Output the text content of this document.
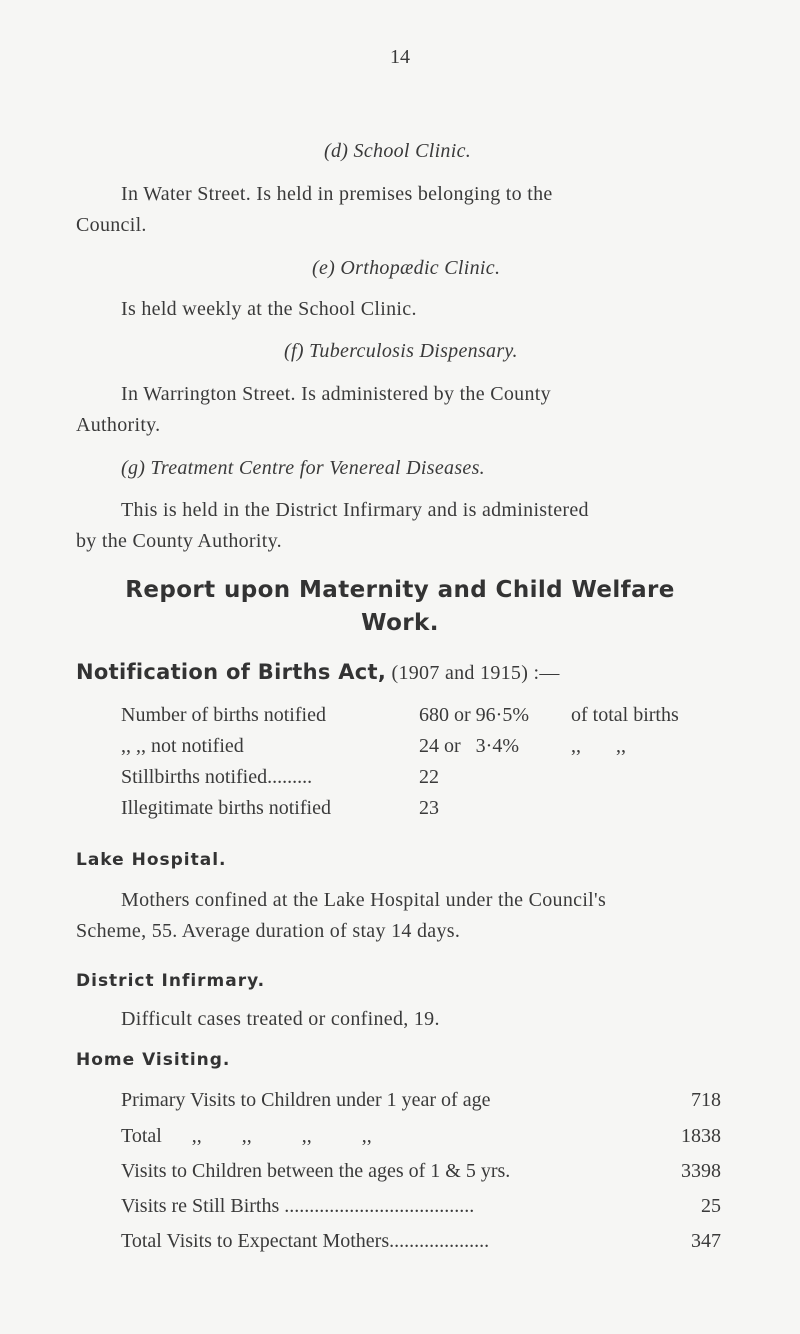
14
(d) School Clinic.
In Water Street. Is held in premises belonging to the
Council.
(e) Orthopædic Clinic.
Is held weekly at the School Clinic.
(f) Tuberculosis Dispensary.
In Warrington Street. Is administered by the County
Authority.
(g) Treatment Centre for Venereal Diseases.
This is held in the District Infirmary and is administered
by the County Authority.
Report upon Maternity and Child Welfare
Work.
Notification of Births Act, (1907 and 1915) :—
Number of births notified	680 or 96·5% of total births
,, ,, not notified	24 or   3·4%	,,       ,,
Stillbirths notified.........	22
Illegitimate births notified	23
Lake Hospital.
Mothers confined at the Lake Hospital under the Council's
Scheme, 55. Average duration of stay 14 days.
District Infirmary.
Difficult cases treated or confined, 19.
Home Visiting.
Primary Visits to Children under 1 year of age	718
Total      ,,        ,,          ,,          ,,	1838
Visits to Children between the ages of 1 & 5 yrs.	3398
Visits re Still Births ......................................	25
Total Visits to Expectant Mothers....................	347
